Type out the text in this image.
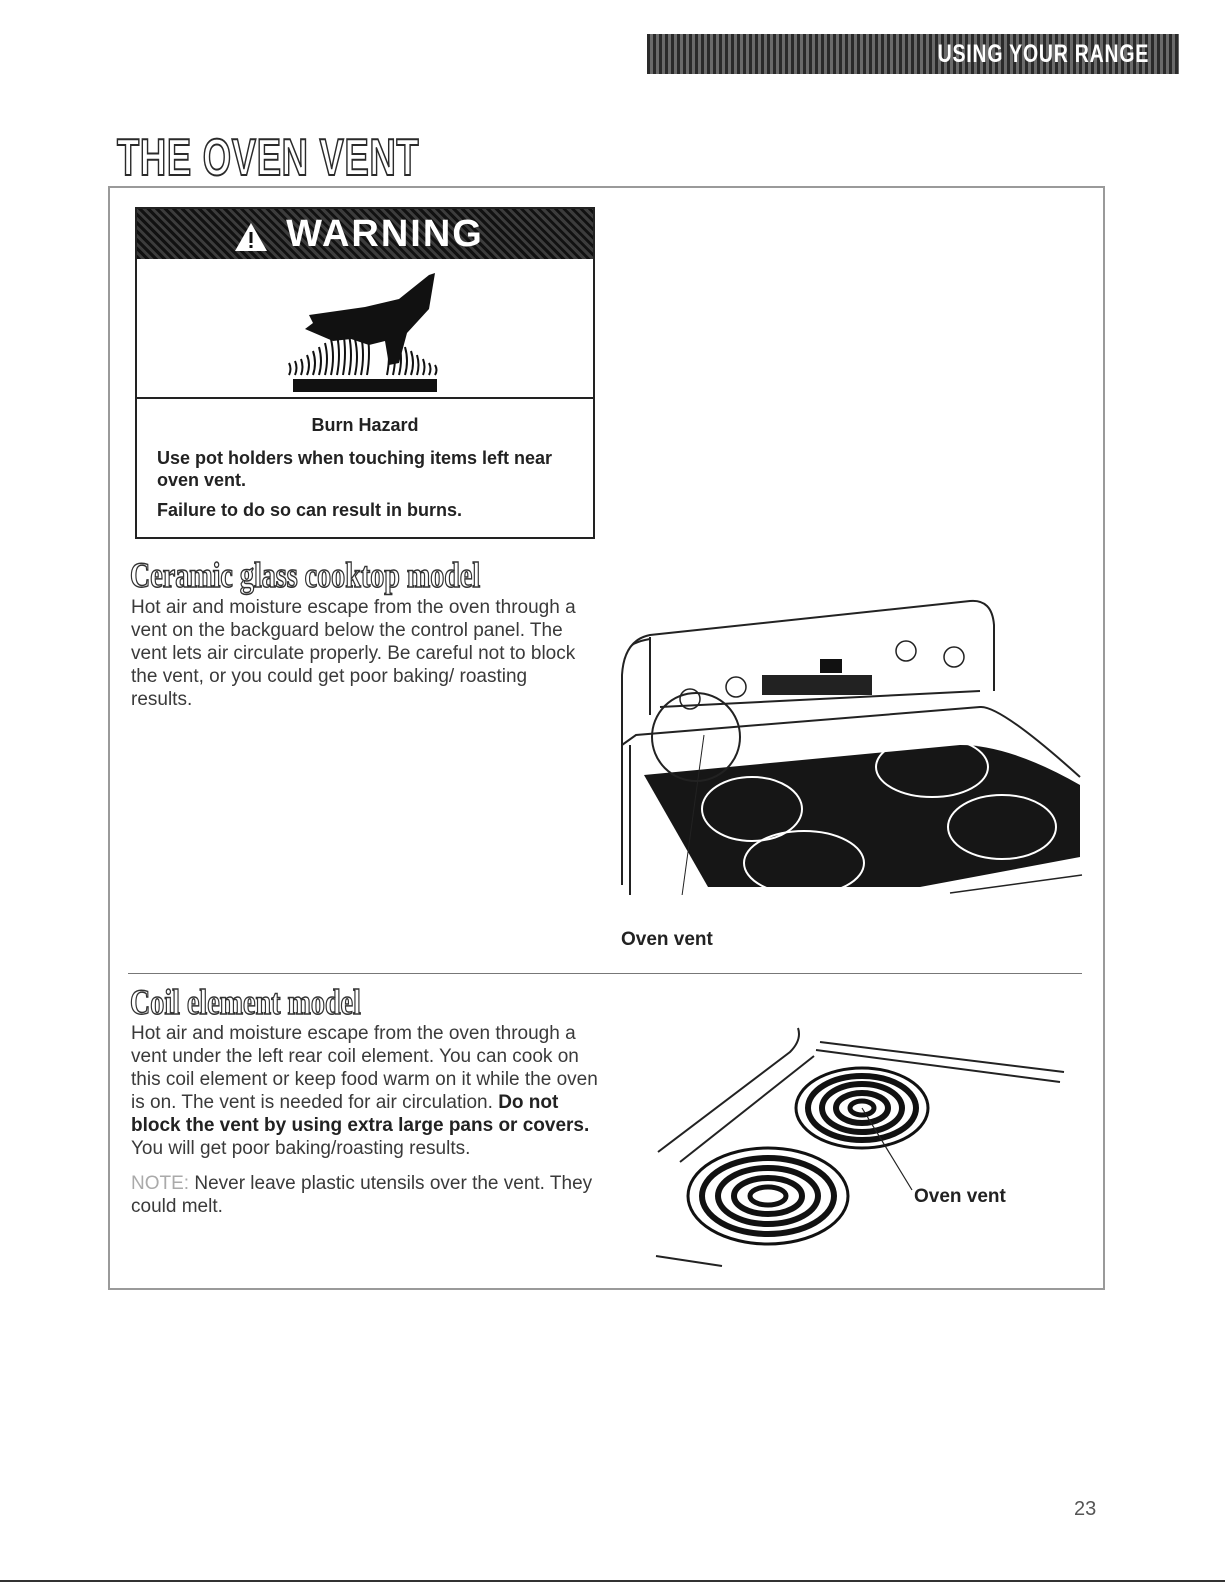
USING YOUR RANGE
THE OVEN VENT
WARNING
Burn Hazard
Use pot holders when touching items left near oven vent.
Failure to do so can result in burns.
Ceramic glass cooktop model

Hot air and moisture escape from the oven through a vent on the backguard below the control panel. The vent lets air circulate properly. Be careful not to block the vent, or you could get poor baking/ roasting results.

Oven vent
Coil element model

Hot air and moisture escape from the oven through a vent under the left rear coil element. You can cook on this coil element or keep food warm on it while the oven is on. The vent is needed for air circulation. Do not block the vent by using extra large pans or covers. You will get poor baking/roasting results.

NOTE: Never leave plastic utensils over the vent. They could melt.	Oven vent
23
